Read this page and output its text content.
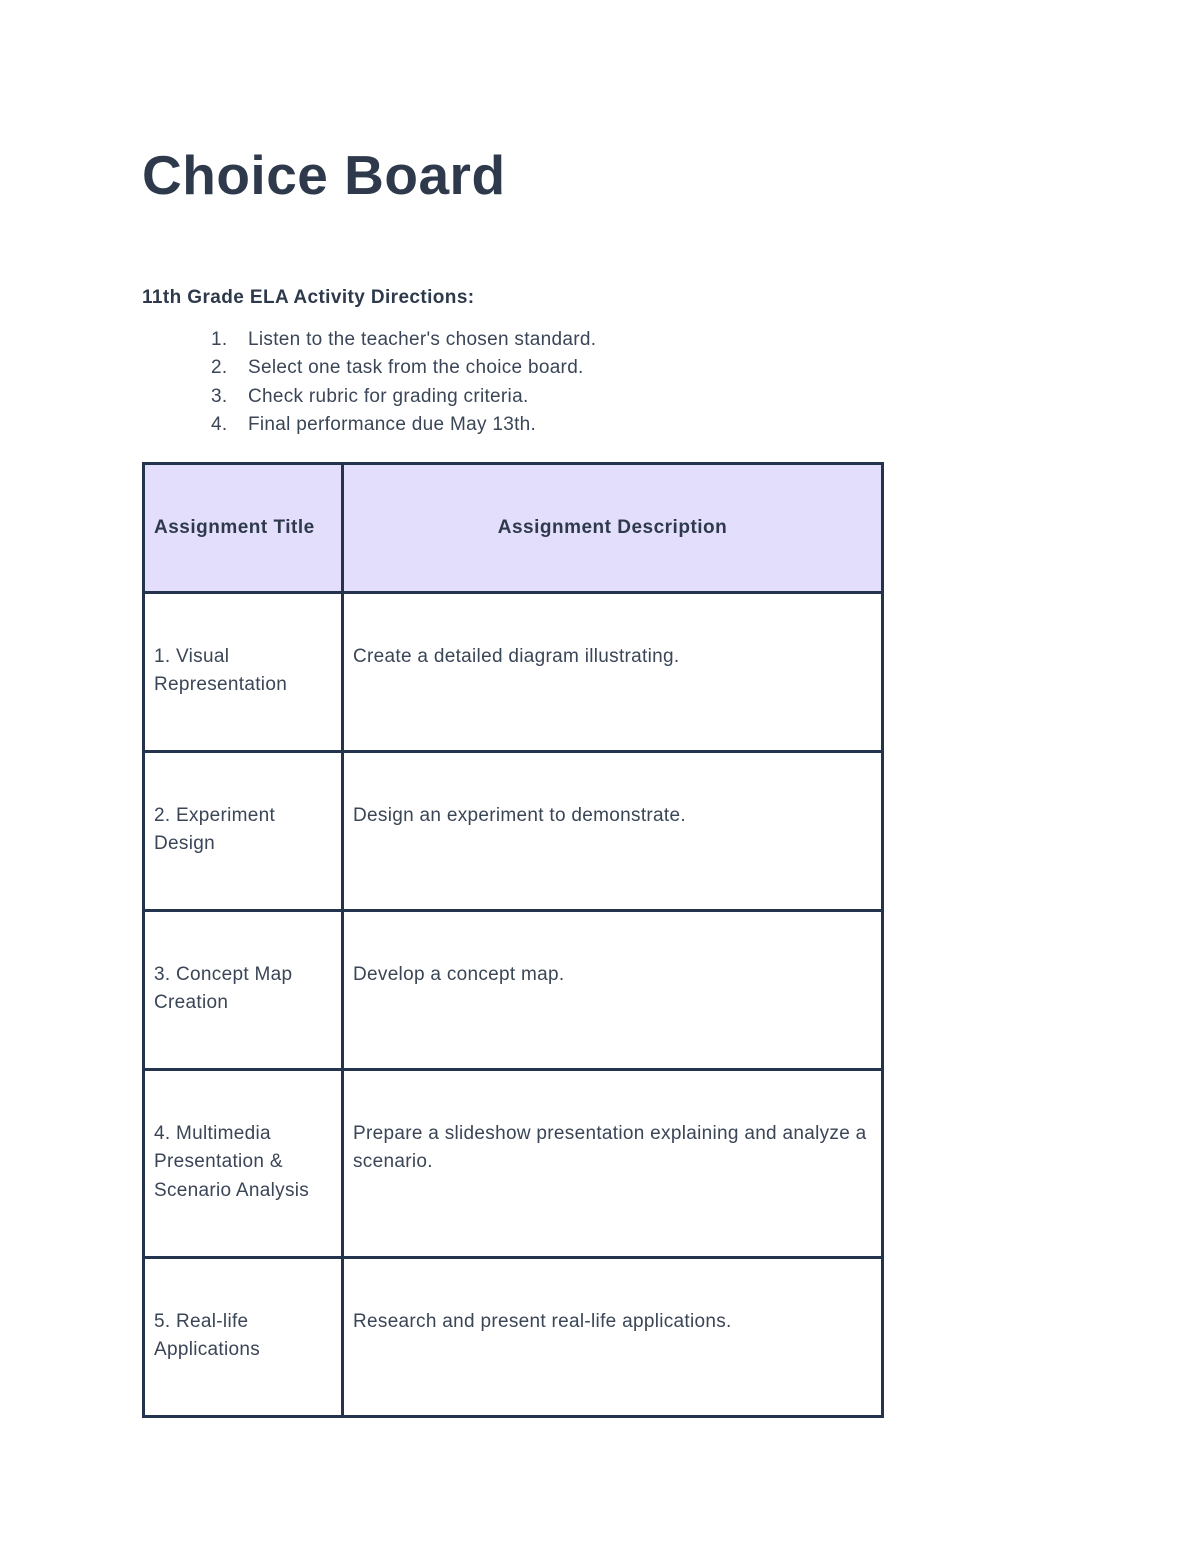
Choice Board
11th Grade ELA Activity Directions:
1.	Listen to the teacher's chosen standard.
2.	Select one task from the choice board.
3.	Check rubric for grading criteria.
4.	Final performance due May 13th.
Assignment Title	Assignment Description
1. Visual Representation	Create a detailed diagram illustrating.
2. Experiment Design	Design an experiment to demonstrate.
3. Concept Map Creation	Develop a concept map.
4. Multimedia Presentation & Scenario Analysis	Prepare a slideshow presentation explaining and analyze a scenario.
5. Real-life Applications	Research and present real-life applications.
